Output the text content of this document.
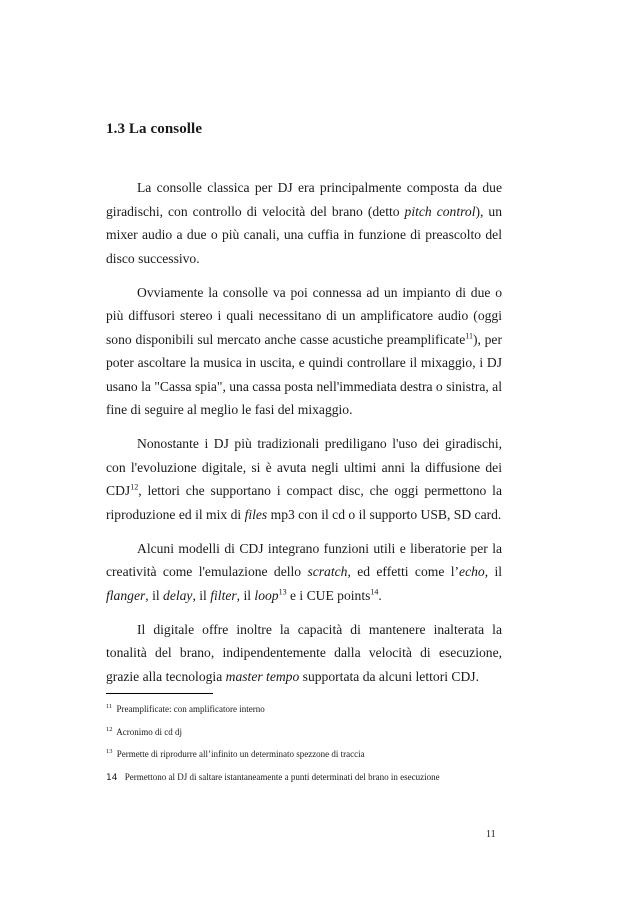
1.3 La consolle

La consolle classica per DJ era principalmente composta da due giradischi, con controllo di velocità del brano (detto pitch control), un mixer audio a due o più canali, una cuffia in funzione di preascolto del disco successivo.

Ovviamente la consolle va poi connessa ad un impianto di due o più diffusori stereo i quali necessitano di un amplificatore audio (oggi sono disponibili sul mercato anche casse acustiche preamplificate$^{11}$), per poter ascoltare la musica in uscita, e quindi controllare il mixaggio, i DJ usano la "Cassa spia", una cassa posta nell'immediata destra o sinistra, al fine di seguire al meglio le fasi del mixaggio.

Nonostante i DJ più tradizionali prediligano l'uso dei giradischi, con l'evoluzione digitale, si è avuta negli ultimi anni la diffusione dei CDJ$^{12}$, lettori che supportano i compact disc, che oggi permettono la riproduzione ed il mix di files mp3 con il cd o il supporto USB, SD card.

Alcuni modelli di CDJ integrano funzioni utili e liberatorie per la creatività come l'emulazione dello scratch, ed effetti come l’echo, il flanger, il delay, il filter, il loop$^{13}$ e i CUE points$^{14}$.

Il digitale offre inoltre la capacità di mantenere inalterata la tonalità del brano, indipendentemente dalla velocità di esecuzione, grazie alla tecnologia master tempo supportata da alcuni lettori CDJ.

$^{11}$ Preamplificate: con amplificatore interno
$^{12}$ Acronimo di cd dj
$^{13}$ Permette di riprodurre all’infinito un determinato spezzone di traccia
14 Permettono al DJ di saltare istantaneamente a punti determinati del brano in esecuzione
11
